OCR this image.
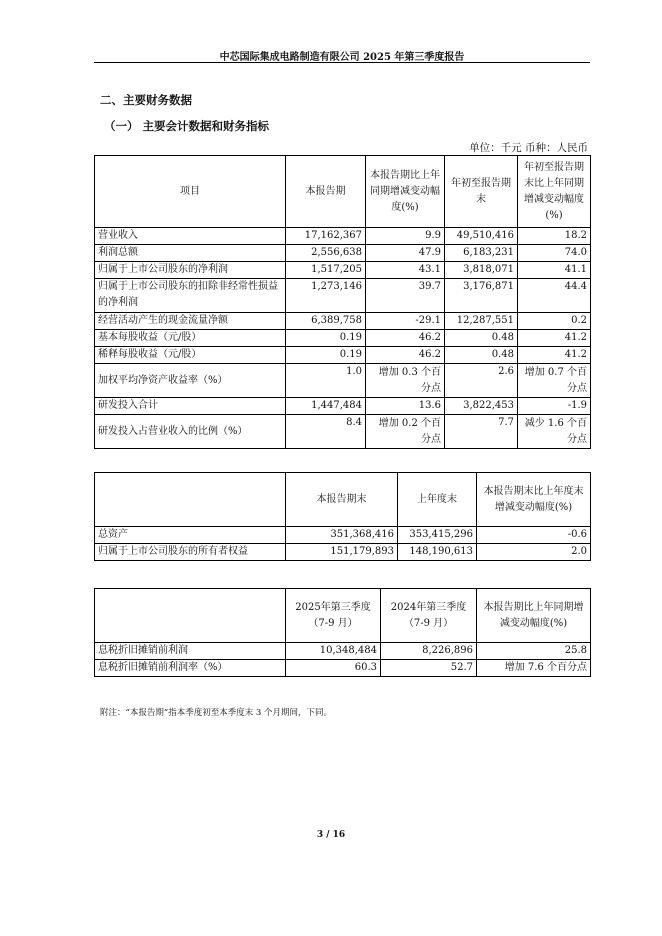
中芯国际集成电路制造有限公司 2025 年第三季度报告
二、主要财务数据
（一） 主要会计数据和财务指标
单位：千元 币种：人民币
项目	本报告期	本报告期比上年同期增减变动幅度(%)	年初至报告期末	年初至报告期末比上年同期增减变动幅度(%)
营业收入	17,162,367	9.9	49,510,416	18.2
利润总额	2,556,638	47.9	6,183,231	74.0
归属于上市公司股东的净利润	1,517,205	43.1	3,818,071	41.1
归属于上市公司股东的扣除非经常性损益的净利润	1,273,146	39.7	3,176,871	44.4
经营活动产生的现金流量净额	6,389,758	-29.1	12,287,551	0.2
基本每股收益（元/股）	0.19	46.2	0.48	41.2
稀释每股收益（元/股）	0.19	46.2	0.48	41.2
加权平均净资产收益率（%）	1.0	增加 0.3 个百分点	2.6	增加 0.7 个百分点
研发投入合计	1,447,484	13.6	3,822,453	-1.9
研发投入占营业收入的比例（%）	8.4	增加 0.2 个百分点	7.7	减少 1.6 个百分点
	本报告期末	上年度末	本报告期末比上年度末增减变动幅度(%)
总资产	351,368,416	353,415,296	-0.6
归属于上市公司股东的所有者权益	151,179,893	148,190,613	2.0
	2025年第三季度（7-9 月）	2024年第三季度（7-9 月）	本报告期比上年同期增减变动幅度(%)
息税折旧摊销前利润	10,348,484	8,226,896	25.8
息税折旧摊销前利润率（%）	60.3	52.7	增加 7.6 个百分点
附注：“本报告期”指本季度初至本季度末 3 个月期间，下同。
3 / 16
